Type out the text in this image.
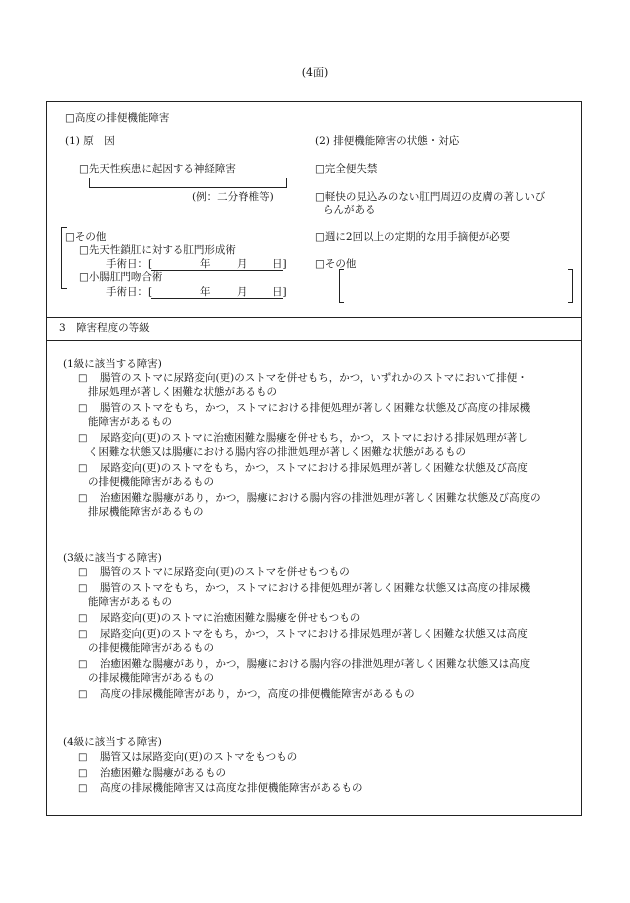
(4面)
□高度の排便機能障害
(1) 原　因
□先天性疾患に起因する神経障害
(例：二分脊椎等)
□その他
□先天性鎖肛に対する肛門形成術
手術日：[	年	月 日]
□小腸肛門吻合術
手術日：[	年	月 日]
(2) 排便機能障害の状態・対応
□完全便失禁
□軽快の見込みのない肛門周辺の皮膚の著しいび
らんがある
□週に2回以上の定期的な用手摘便が必要
□その他
3　障害程度の等級
(1級に該当する障害)
□ 腸管のストマに尿路変向(更)のストマを併せもち，かつ，いずれかのストマにおいて排便・
排尿処理が著しく困難な状態があるもの
□ 腸管のストマをもち，かつ，ストマにおける排便処理が著しく困難な状態及び高度の排尿機
能障害があるもの
□ 尿路変向(更)のストマに治癒困難な腸瘻を併せもち，かつ，ストマにおける排尿処理が著し
く困難な状態又は腸瘻における腸内容の排泄処理が著しく困難な状態があるもの
□ 尿路変向(更)のストマをもち，かつ，ストマにおける排尿処理が著しく困難な状態及び高度
の排便機能障害があるもの
□ 治癒困難な腸瘻があり，かつ，腸瘻における腸内容の排泄処理が著しく困難な状態及び高度の
排尿機能障害があるもの
(3級に該当する障害)
□ 腸管のストマに尿路変向(更)のストマを併せもつもの
□ 腸管のストマをもち，かつ，ストマにおける排便処理が著しく困難な状態又は高度の排尿機
能障害があるもの
□ 尿路変向(更)のストマに治癒困難な腸瘻を併せもつもの
□ 尿路変向(更)のストマをもち，かつ，ストマにおける排尿処理が著しく困難な状態又は高度
の排便機能障害があるもの
□ 治癒困難な腸瘻があり，かつ，腸瘻における腸内容の排泄処理が著しく困難な状態又は高度
の排尿機能障害があるもの
□ 高度の排尿機能障害があり，かつ，高度の排便機能障害があるもの
(4級に該当する障害)
□ 腸管又は尿路変向(更)のストマをもつもの
□ 治癒困難な腸瘻があるもの
□ 高度の排尿機能障害又は高度な排便機能障害があるもの
